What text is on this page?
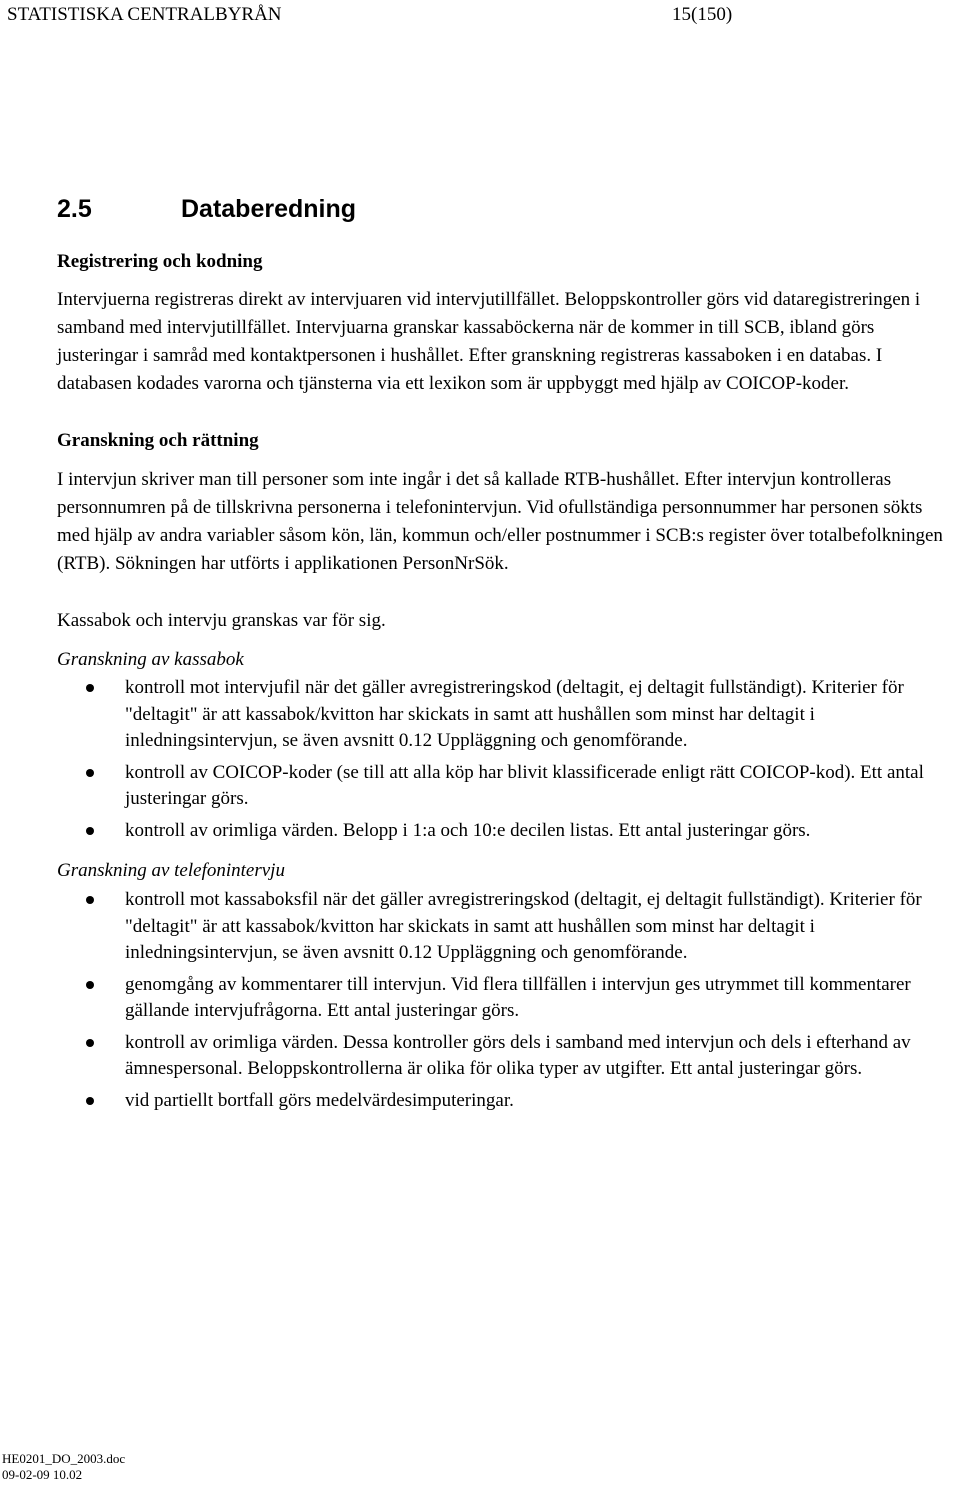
STATISTISKA CENTRALBYRÅN	15(150)
2.5	Databeredning
Registrering och kodning

Intervjuerna registreras direkt av intervjuaren vid intervjutillfället. Beloppskontroller görs vid dataregistreringen i samband med intervjutillfället. Intervjuarna granskar kassaböckerna när de kommer in till SCB, ibland görs justeringar i samråd med kontaktpersonen i hushållet. Efter granskning registreras kassaboken i en databas. I databasen kodades varorna och tjänsterna via ett lexikon som är uppbyggt med hjälp av COICOP-koder.

Granskning och rättning

I intervjun skriver man till personer som inte ingår i det så kallade RTB-hushållet. Efter intervjun kontrolleras personnumren på de tillskrivna personerna i telefonintervjun. Vid ofullständiga personnummer har personen sökts med hjälp av andra variabler såsom kön, län, kommun och/eller postnummer i SCB:s register över totalbefolkningen (RTB). Sökningen har utförts i applikationen PersonNrSök.

Kassabok och intervju granskas var för sig.

Granskning av kassabok
kontroll mot intervjufil när det gäller avregistreringskod (deltagit, ej deltagit fullständigt). Kriterier för "deltagit" är att kassabok/kvitton har skickats in samt att hushållen som minst har deltagit i inledningsintervjun, se även avsnitt 0.12 Uppläggning och genomförande.
kontroll av COICOP-koder (se till att alla köp har blivit klassificerade enligt rätt COICOP-kod). Ett antal justeringar görs.
kontroll av orimliga värden. Belopp i 1:a och 10:e decilen listas. Ett antal justeringar görs.
Granskning av telefonintervju
kontroll mot kassaboksfil när det gäller avregistreringskod (deltagit, ej deltagit fullständigt). Kriterier för "deltagit" är att kassabok/kvitton har skickats in samt att hushållen som minst har deltagit i inledningsintervjun, se även avsnitt 0.12 Uppläggning och genomförande.
genomgång av kommentarer till intervjun. Vid flera tillfällen i intervjun ges utrymmet till kommentarer gällande intervjufrågorna. Ett antal justeringar görs.
kontroll av orimliga värden. Dessa kontroller görs dels i samband med intervjun och dels i efterhand av ämnespersonal. Beloppskontrollerna är olika för olika typer av utgifter. Ett antal justeringar görs.
vid partiellt bortfall görs medelvärdesimputeringar.
HE0201_DO_2003.doc
09-02-09 10.02
